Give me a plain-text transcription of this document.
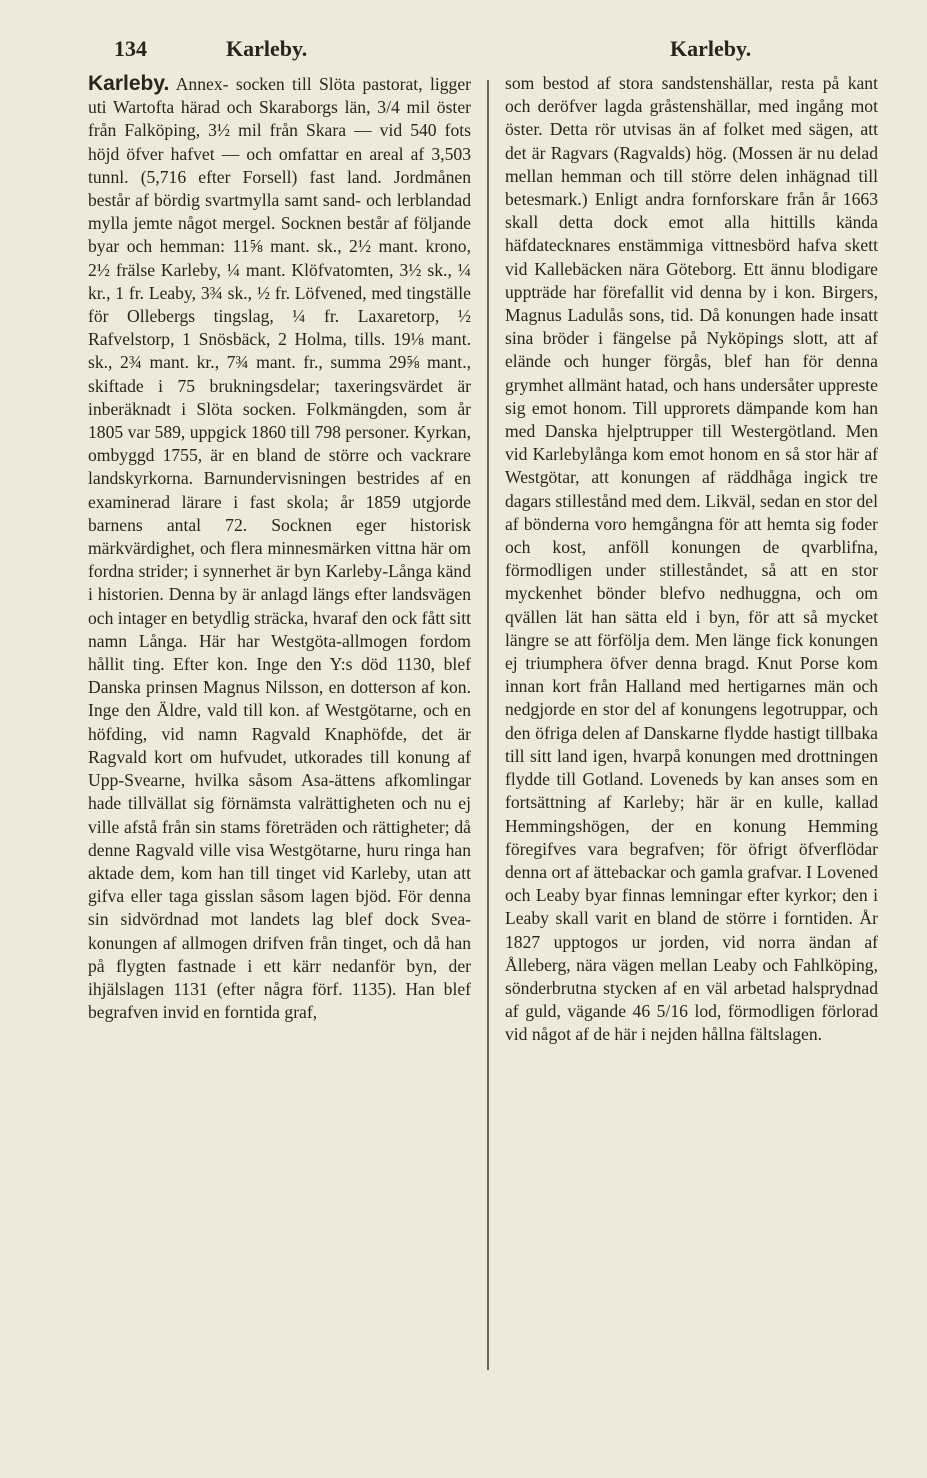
134	Karleby.	Karleby.

Karleby. Annex- socken till Slöta pastorat, ligger uti Wartofta härad och Skaraborgs län, 3/4 mil öster från Falköping, 3½ mil från Skara — vid 540 fots höjd öfver hafvet — och omfattar en areal af 3,503 tunnl. (5,716 efter Forsell) fast land. Jordmånen består af bördig svartmylla samt sand- och lerblandad mylla jemte något mergel. Socknen består af följande byar och hemman: 11⅝ mant. sk., 2½ mant. krono, 2½ frälse Karleby, ¼ mant. Klöfvatomten, 3½ sk., ¼ kr., 1 fr. Leaby, 3¾ sk., ½ fr. Löfvened, med tingställe för Ollebergs tingslag, ¼ fr. Laxaretorp, ½ Rafvelstorp, 1 Snösbäck, 2 Holma, tills. 19⅛ mant. sk., 2¾ mant. kr., 7¾ mant. fr., summa 29⅝ mant., skiftade i 75 brukningsdelar; taxeringsvärdet är inberäknadt i Slöta socken. Folkmängden, som år 1805 var 589, uppgick 1860 till 798 personer. Kyrkan, ombyggd 1755, är en bland de större och vackrare landskyrkorna. Barnundervisningen bestrides af en examinerad lärare i fast skola; år 1859 utgjorde barnens antal 72. Socknen eger historisk märkvärdighet, och flera minnesmärken vittna här om fordna strider; i synnerhet är byn Karleby-Långa känd i historien. Denna by är anlagd längs efter landsvägen och intager en betydlig sträcka, hvaraf den ock fått sitt namn Långa. Här har Westgöta-allmogen fordom hållit ting. Efter kon. Inge den Y:s död 1130, blef Danska prinsen Magnus Nilsson, en dotterson af kon. Inge den Äldre, vald till kon. af Westgötarne, och en höfding, vid namn Ragvald Knaphöfde, det är Ragvald kort om hufvudet, utkorades till konung af Upp-Svearne, hvilka såsom Asa-ättens afkomlingar hade tillvällat sig förnämsta valrättigheten och nu ej ville afstå från sin stams företräden och rättigheter; då denne Ragvald ville visa Westgötarne, huru ringa han aktade dem, kom han till tinget vid Karleby, utan att gifva eller taga gisslan såsom lagen bjöd. För denna sin sidvördnad mot landets lag blef dock Svea-konungen af allmogen drifven från tinget, och då han på flygten fastnade i ett kärr nedanför byn, der ihjälslagen 1131 (efter några förf. 1135). Han blef begrafven invid en forntida graf,

som bestod af stora sandstenshällar, resta på kant och deröfver lagda gråstenshällar, med ingång mot öster. Detta rör utvisas än af folket med sägen, att det är Ragvars (Ragvalds) hög. (Mossen är nu delad mellan hemman och till större delen inhägnad till betesmark.) Enligt andra fornforskare från år 1663 skall detta dock emot alla hittills kända häfdatecknares enstämmiga vittnesbörd hafva skett vid Kallebäcken nära Göteborg. Ett ännu blodigare uppträde har förefallit vid denna by i kon. Birgers, Magnus Ladulås sons, tid. Då konungen hade insatt sina bröder i fängelse på Nyköpings slott, att af elände och hunger förgås, blef han för denna grymhet allmänt hatad, och hans undersåter uppreste sig emot honom. Till upprorets dämpande kom han med Danska hjelptrupper till Westergötland. Men vid Karlebylånga kom emot honom en så stor här af Westgötar, att konungen af räddhåga ingick tre dagars stillestånd med dem. Likväl, sedan en stor del af bönderna voro hemgångna för att hemta sig foder och kost, anföll konungen de qvarblifna, förmodligen under stilleståndet, så att en stor myckenhet bönder blefvo nedhuggna, och om qvällen lät han sätta eld i byn, för att så mycket längre se att förfölja dem. Men länge fick konungen ej triumphera öfver denna bragd. Knut Porse kom innan kort från Halland med hertigarnes män och nedgjorde en stor del af konungens legotruppar, och den öfriga delen af Danskarne flydde hastigt tillbaka till sitt land igen, hvarpå konungen med drottningen flydde till Gotland. Loveneds by kan anses som en fortsättning af Karleby; här är en kulle, kallad Hemmingshögen, der en konung Hemming föregifves vara begrafven; för öfrigt öfverflödar denna ort af ättebackar och gamla grafvar. I Lovened och Leaby byar finnas lemningar efter kyrkor; den i Leaby skall varit en bland de större i forntiden. År 1827 upptogos ur jorden, vid norra ändan af Ålleberg, nära vägen mellan Leaby och Fahlköping, sönderbrutna stycken af en väl arbetad halsprydnad af guld, vägande 46 5/16 lod, förmodligen förlorad vid något af de här i nejden hållna fältslagen.
